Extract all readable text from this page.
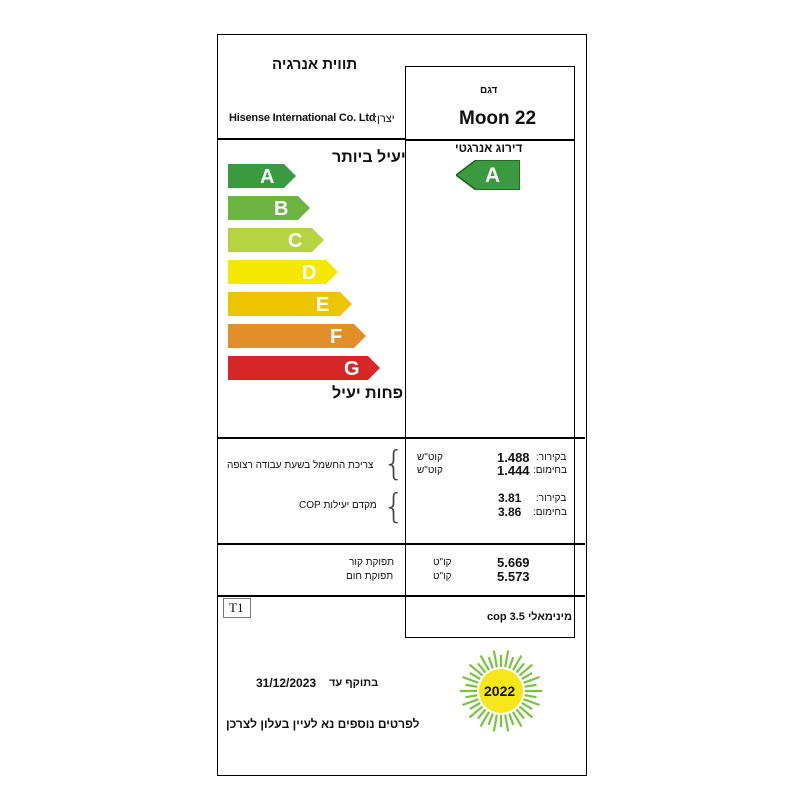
תווית אנרגיה
יצרן:
Hisense International Co. Ltd
דגם
Moon 22
דירוג אנרגטי
A
יעיל ביותר
פחות יעיל
A
B
C
D
E
F
G
צריכת החשמל בשעת עבודה רצופה { קוט"ש
קוט"ש
1.488
1.444
בקירור:
בחימום:
מקדם יעילות COP {	3.81
3.86
בקירור:
בחימום:
תפוקת קור
תפוקת חום
קו"ט
קו"ט
5.669
5.573
T1
מינימאלי cop 3.5
בתוקף עד
31/12/2023
לפרטים נוספים נא לעיין בעלון לצרכן
2022
